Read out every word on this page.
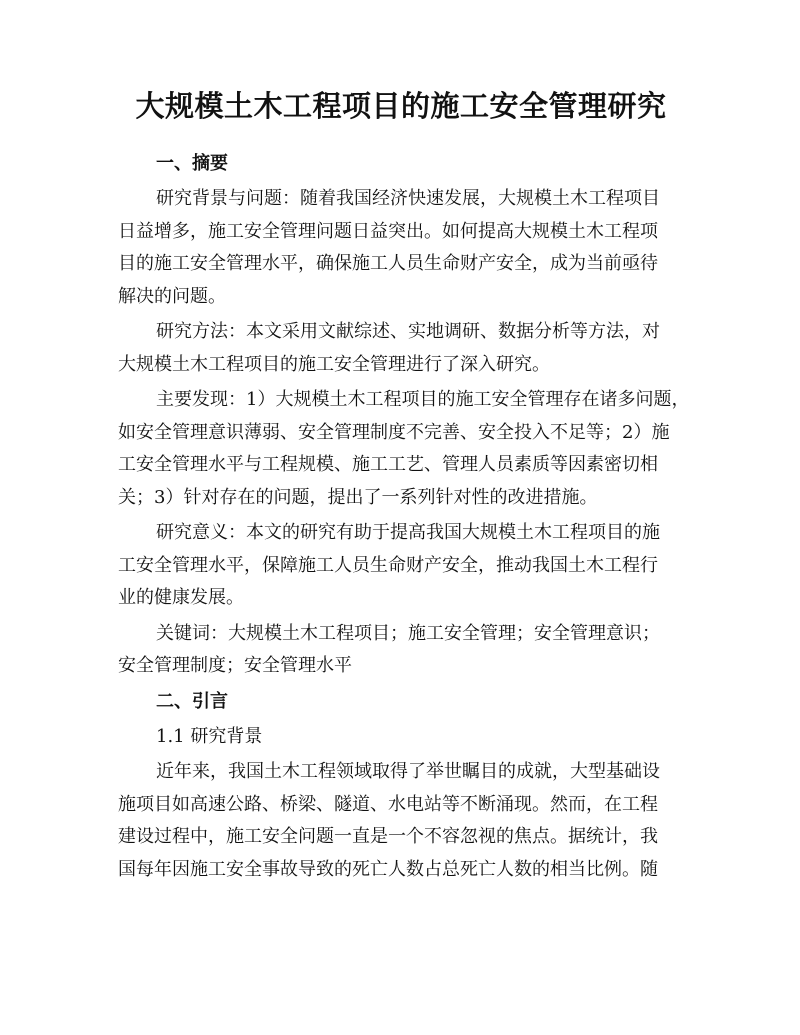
大规模土木工程项目的施工安全管理研究
一、摘要

研究背景与问题：随着我国经济快速发展，大规模土木工程项目
日益增多，施工安全管理问题日益突出。如何提高大规模土木工程项
目的施工安全管理水平，确保施工人员生命财产安全，成为当前亟待
解决的问题。

研究方法：本文采用文献综述、实地调研、数据分析等方法，对
大规模土木工程项目的施工安全管理进行了深入研究。

主要发现：1）大规模土木工程项目的施工安全管理存在诸多问题，
如安全管理意识薄弱、安全管理制度不完善、安全投入不足等；2）施
工安全管理水平与工程规模、施工工艺、管理人员素质等因素密切相
关；3）针对存在的问题，提出了一系列针对性的改进措施。

研究意义：本文的研究有助于提高我国大规模土木工程项目的施
工安全管理水平，保障施工人员生命财产安全，推动我国土木工程行
业的健康发展。

关键词：大规模土木工程项目；施工安全管理；安全管理意识；
安全管理制度；安全管理水平

二、引言

1.1 研究背景

近年来，我国土木工程领域取得了举世瞩目的成就，大型基础设
施项目如高速公路、桥梁、隧道、水电站等不断涌现。然而，在工程
建设过程中，施工安全问题一直是一个不容忽视的焦点。据统计，我
国每年因施工安全事故导致的死亡人数占总死亡人数的相当比例。随
